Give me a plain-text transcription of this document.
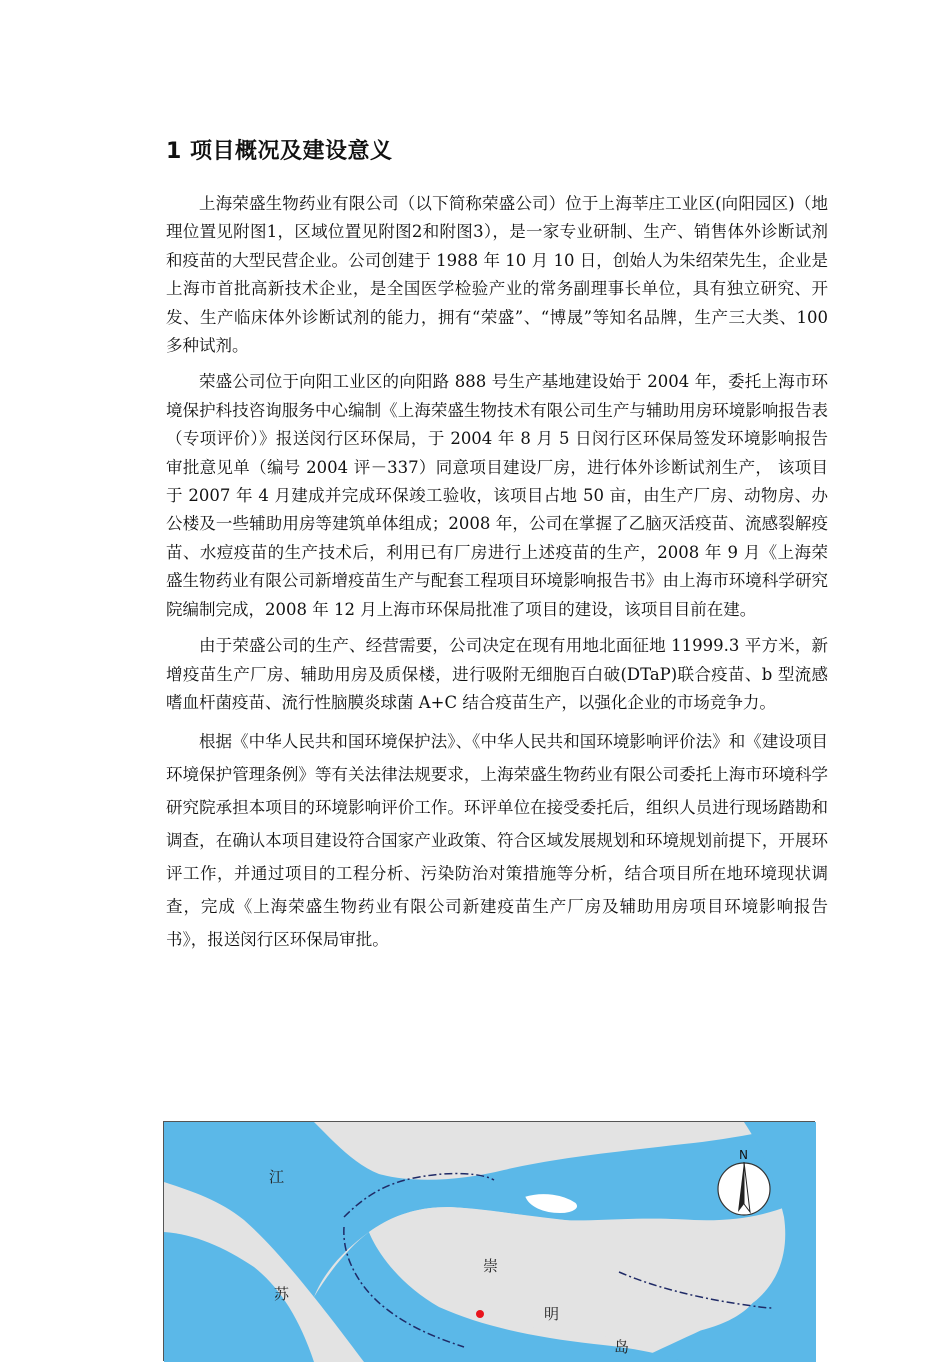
1 项目概况及建设意义

上海荣盛生物药业有限公司（以下简称荣盛公司）位于上海莘庄工业区(向阳园区)（地理位置见附图1，区域位置见附图2和附图3），是一家专业研制、生产、销售体外诊断试剂和疫苗的大型民营企业。公司创建于 1988 年 10 月 10 日，创始人为朱绍荣先生，企业是上海市首批高新技术企业，是全国医学检验产业的常务副理事长单位，具有独立研究、开发、生产临床体外诊断试剂的能力，拥有“荣盛”、“博晟”等知名品牌，生产三大类、100 多种试剂。

荣盛公司位于向阳工业区的向阳路 888 号生产基地建设始于 2004 年，委托上海市环境保护科技咨询服务中心编制《上海荣盛生物技术有限公司生产与辅助用房环境影响报告表（专项评价）》报送闵行区环保局，于 2004 年 8 月 5 日闵行区环保局签发环境影响报告审批意见单（编号 2004 评－337）同意项目建设厂房，进行体外诊断试剂生产， 该项目于 2007 年 4 月建成并完成环保竣工验收，该项目占地 50 亩，由生产厂房、动物房、办公楼及一些辅助用房等建筑单体组成；2008 年，公司在掌握了乙脑灭活疫苗、流感裂解疫苗、水痘疫苗的生产技术后，利用已有厂房进行上述疫苗的生产，2008 年 9 月《上海荣盛生物药业有限公司新增疫苗生产与配套工程项目环境影响报告书》由上海市环境科学研究院编制完成，2008 年 12 月上海市环保局批准了项目的建设，该项目目前在建。

由于荣盛公司的生产、经营需要，公司决定在现有用地北面征地 11999.3 平方米，新增疫苗生产厂房、辅助用房及质保楼，进行吸附无细胞百白破(DTaP)联合疫苗、b 型流感嗜血杆菌疫苗、流行性脑膜炎球菌 A+C 结合疫苗生产，以强化企业的市场竞争力。

根据《中华人民共和国环境保护法》、《中华人民共和国环境影响评价法》和《建设项目环境保护管理条例》等有关法律法规要求，上海荣盛生物药业有限公司委托上海市环境科学研究院承担本项目的环境影响评价工作。环评单位在接受委托后，组织人员进行现场踏勘和调查，在确认本项目建设符合国家产业政策、符合区域发展规划和环境规划前提下，开展环评工作，并通过项目的工程分析、污染防治对策措施等分析，结合项目所在地环境现状调查，完成《上海荣盛生物药业有限公司新建疫苗生产厂房及辅助用房项目环境影响报告书》，报送闵行区环保局审批。

江
苏
崇
明
岛
N
